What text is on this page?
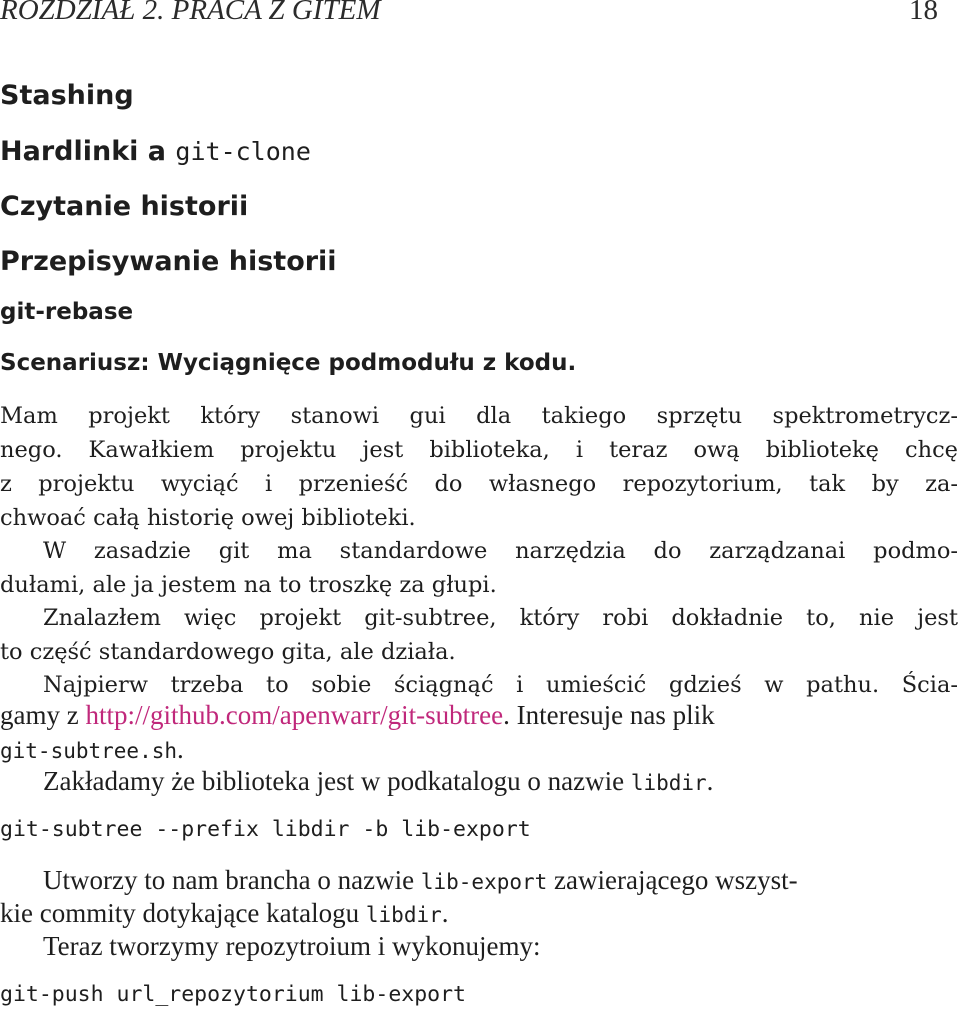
ROZDZIAŁ 2. PRACA Z GITEM	18
Stashing
Hardlinki a git-clone
Czytanie historii
Przepisywanie historii
git-rebase
Scenariusz: Wyciągnięce podmodułu z kodu.
Mam projekt który stanowi gui dla takiego sprzętu spektrometrycz-
nego. Kawałkiem projektu jest biblioteka, i teraz ową bibliotekę chcę
z projektu wyciąć i przenieść do własnego repozytorium, tak by za-
chwoać całą historię owej biblioteki.
W zasadzie git ma standardowe narzędzia do zarządzanai podmo-
dułami, ale ja jestem na to troszkę za głupi.
Znalazłem więc projekt git-subtree, który robi dokładnie to, nie jest
to część standardowego gita, ale działa.
Najpierw trzeba to sobie ściągnąć i umieścić gdzieś w pathu. Ścia-
gamy z http://github.com/apenwarr/git-subtree. Interesuje nas plik
git-subtree.sh.
Zakładamy że biblioteka jest w podkatalogu o nazwie libdir.
git-subtree --prefix libdir -b lib-export
Utworzy to nam brancha o nazwie lib-export zawierającego wszyst-
kie commity dotykające katalogu libdir.
Teraz tworzymy repozytroium i wykonujemy:
git-push url_repozytorium lib-export
